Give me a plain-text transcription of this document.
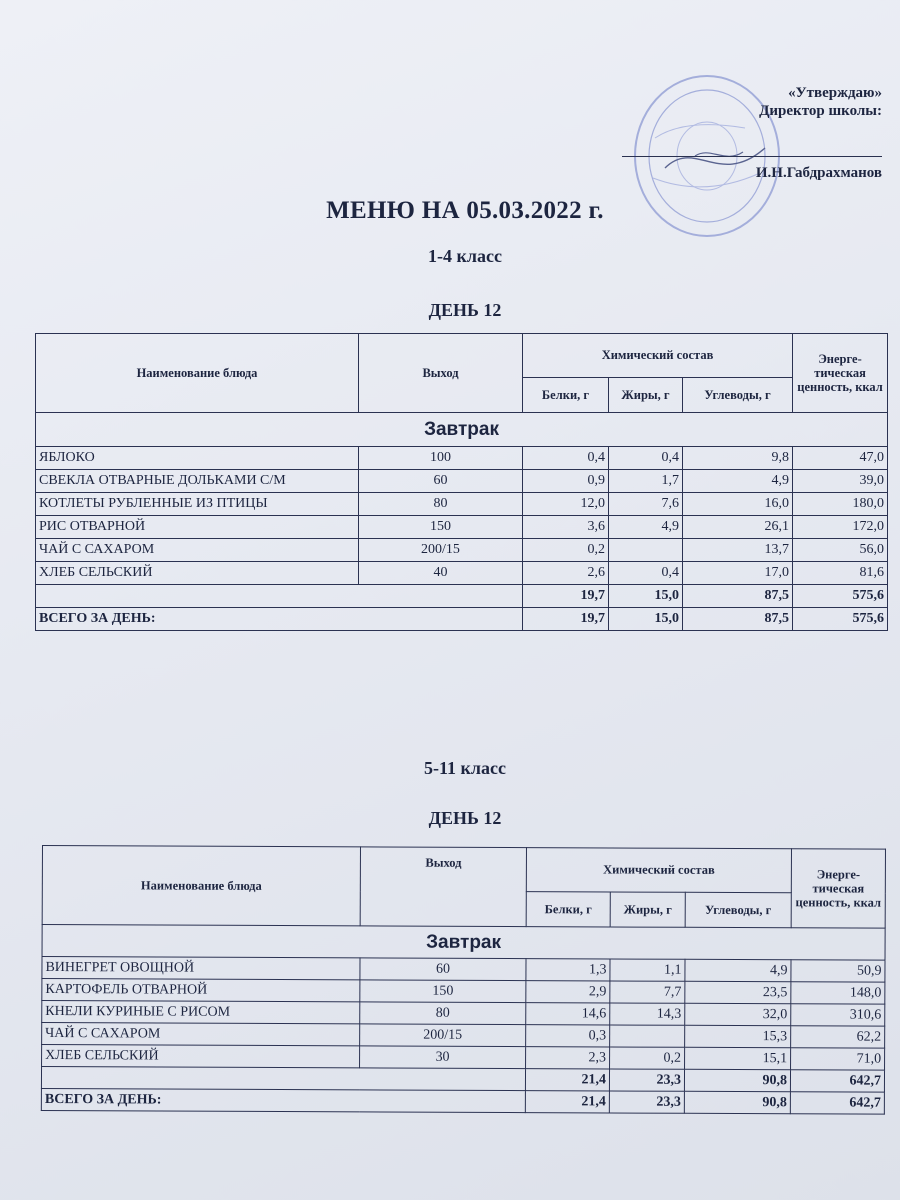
«Утверждаю»
Директор школы:
И.Н.Габдрахманов
МЕНЮ НА 05.03.2022 г.
1-4 класс
ДЕНЬ 12
Наименование блюда	Выход	Химический состав			Энерге-тическая ценность, ккал
		Белки, г	Жиры, г	Углеводы, г	
Завтрак					
ЯБЛОКО	100	0,4	0,4	9,8	47,0
СВЕКЛА ОТВАРНЫЕ ДОЛЬКАМИ С/М	60	0,9	1,7	4,9	39,0
КОТЛЕТЫ РУБЛЕННЫЕ ИЗ ПТИЦЫ	80	12,0	7,6	16,0	180,0
РИС ОТВАРНОЙ	150	3,6	4,9	26,1	172,0
ЧАЙ С САХАРОМ	200/15	0,2		13,7	56,0
ХЛЕБ СЕЛЬСКИЙ	40	2,6	0,4	17,0	81,6
		19,7	15,0	87,5	575,6
ВСЕГО ЗА ДЕНЬ:		19,7	15,0	87,5	575,6
5-11 класс
ДЕНЬ 12
Наименование блюда	Выход	Химический состав			Энерге-тическая ценность, ккал
		Белки, г	Жиры, г	Углеводы, г	
Завтрак					
ВИНЕГРЕТ ОВОЩНОЙ	60	1,3	1,1	4,9	50,9
КАРТОФЕЛЬ ОТВАРНОЙ	150	2,9	7,7	23,5	148,0
КНЕЛИ КУРИНЫЕ С РИСОМ	80	14,6	14,3	32,0	310,6
ЧАЙ С САХАРОМ	200/15	0,3		15,3	62,2
ХЛЕБ СЕЛЬСКИЙ	30	2,3	0,2	15,1	71,0
		21,4	23,3	90,8	642,7
ВСЕГО ЗА ДЕНЬ:		21,4	23,3	90,8	642,7
